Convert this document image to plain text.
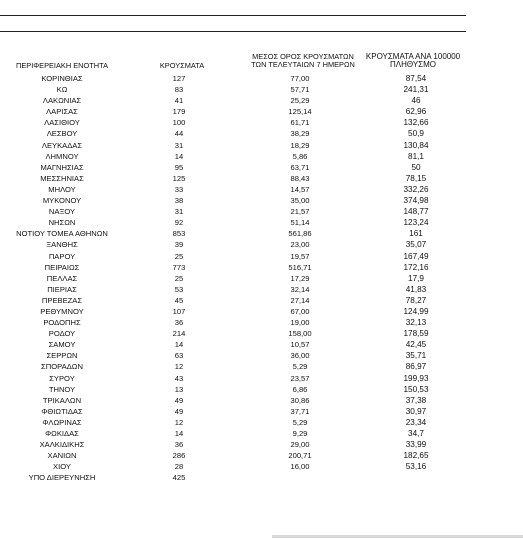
ΠΕΡΙΦΕΡΕΙΑΚΗ ΕΝΟΤΗΤΑ	ΚΡΟΥΣΜΑΤΑ
ΜΕΣΟΣ ΟΡΟΣ ΚΡΟΥΣΜΑΤΩΝ
ΤΩΝ ΤΕΛΕΥΤΑΙΩΝ 7 ΗΜΕΡΩΝ
ΚΡΟΥΣΜΑΤΑ ΑΝΑ 100000
ΠΛΗΘΥΣΜΟ
ΚΟΡΙΝΘΙΑΣ	127	77,00	87,54
ΚΩ	83	57,71	241,31
ΛΑΚΩΝΙΑΣ	41	25,29	46
ΛΑΡΙΣΑΣ	179	125,14	62,96
ΛΑΣΙΘΙΟΥ	100	61,71	132,66
ΛΕΣΒΟΥ	44	38,29	50,9
ΛΕΥΚΑΔΑΣ	31	18,29	130,84
ΛΗΜΝΟΥ	14	5,86	81,1
ΜΑΓΝΗΣΙΑΣ	95	63,71	50
ΜΕΣΣΗΝΙΑΣ	125	88,43	78,15
ΜΗΛΟΥ	33	14,57	332,26
ΜΥΚΟΝΟΥ	38	35,00	374,98
ΝΑΞΟΥ	31	21,57	148,77
ΝΗΣΩΝ	92	51,14	123,24
ΝΟΤΙΟΥ ΤΟΜΕΑ ΑΘΗΝΩΝ	853	561,86	161
ΞΑΝΘΗΣ	39	23,00	35,07
ΠΑΡΟΥ	25	19,57	167,49
ΠΕΙΡΑΙΩΣ	773	516,71	172,16
ΠΕΛΛΑΣ	25	17,29	17,9
ΠΙΕΡΙΑΣ	53	32,14	41,83
ΠΡΕΒΕΖΑΣ	45	27,14	78,27
ΡΕΘΥΜΝΟΥ	107	67,00	124,99
ΡΟΔΟΠΗΣ	36	19,00	32,13
ΡΟΔΟΥ	214	158,00	178,59
ΣΑΜΟΥ	14	10,57	42,45
ΣΕΡΡΩΝ	63	36,00	35,71
ΣΠΟΡΑΔΩΝ	12	5,29	86,97
ΣΥΡΟΥ	43	23,57	199,93
ΤΗΝΟΥ	13	6,86	150,53
ΤΡΙΚΑΛΩΝ	49	30,86	37,38
ΦΘΙΩΤΙΔΑΣ	49	37,71	30,97
ΦΛΩΡΙΝΑΣ	12	5,29	23,34
ΦΩΚΙΔΑΣ	14	9,29	34,7
ΧΑΛΚΙΔΙΚΗΣ	36	29,00	33,99
ΧΑΝΙΩΝ	286	200,71	182,65
ΧΙΟΥ	28	16,00	53,16
ΥΠΟ ΔΙΕΡΕΥΝΗΣΗ	425
